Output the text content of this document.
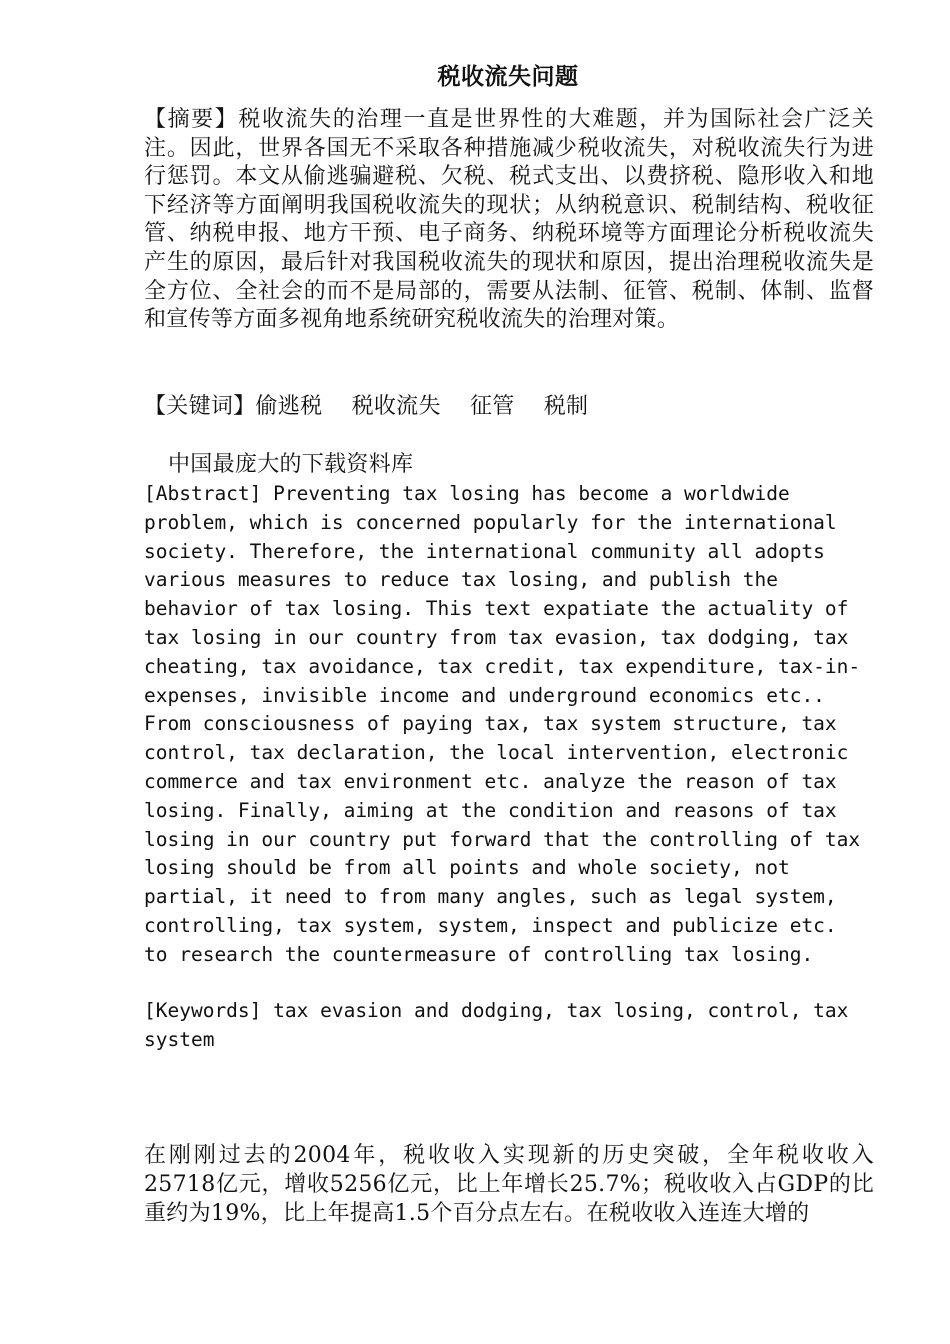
税收流失问题
【摘要】税收流失的治理一直是世界性的大难题，并为国际社会广泛关注。因此，世界各国无不采取各种措施减少税收流失，对税收流失行为进行惩罚。本文从偷逃骗避税、欠税、税式支出、以费挤税、隐形收入和地下经济等方面阐明我国税收流失的现状；从纳税意识、税制结构、税收征管、纳税申报、地方干预、电子商务、纳税环境等方面理论分析税收流失产生的原因，最后针对我国税收流失的现状和原因，提出治理税收流失是全方位、全社会的而不是局部的，需要从法制、征管、税制、体制、监督和宣传等方面多视角地系统研究税收流失的治理对策。
【关键词】偷逃税    税收流失    征管    税制
中国最庞大的下载资料库
[Abstract] Preventing tax losing has become a worldwide
problem, which is concerned popularly for the international
society. Therefore, the international community all adopts
various measures to reduce tax losing, and publish the
behavior of tax losing. This text expatiate the actuality of
tax losing in our country from tax evasion, tax dodging, tax
cheating, tax avoidance, tax credit, tax expenditure, tax-in-
expenses, invisible income and underground economics etc..
From consciousness of paying tax, tax system structure, tax
control, tax declaration, the local intervention, electronic
commerce and tax environment etc. analyze the reason of tax
losing. Finally, aiming at the condition and reasons of tax
losing in our country put forward that the controlling of tax
losing should be from all points and whole society, not
partial, it need to from many angles, such as legal system,
controlling, tax system, system, inspect and publicize etc.
to research the countermeasure of controlling tax losing.
[Keywords] tax evasion and dodging, tax losing, control, tax
system
在刚刚过去的2004年，税收收入实现新的历史突破，全年税收收入25718亿元，增收5256亿元，比上年增长25.7%；税收收入占GDP的比重约为19%，比上年提高1.5个百分点左右。在税收收入连连大增的
